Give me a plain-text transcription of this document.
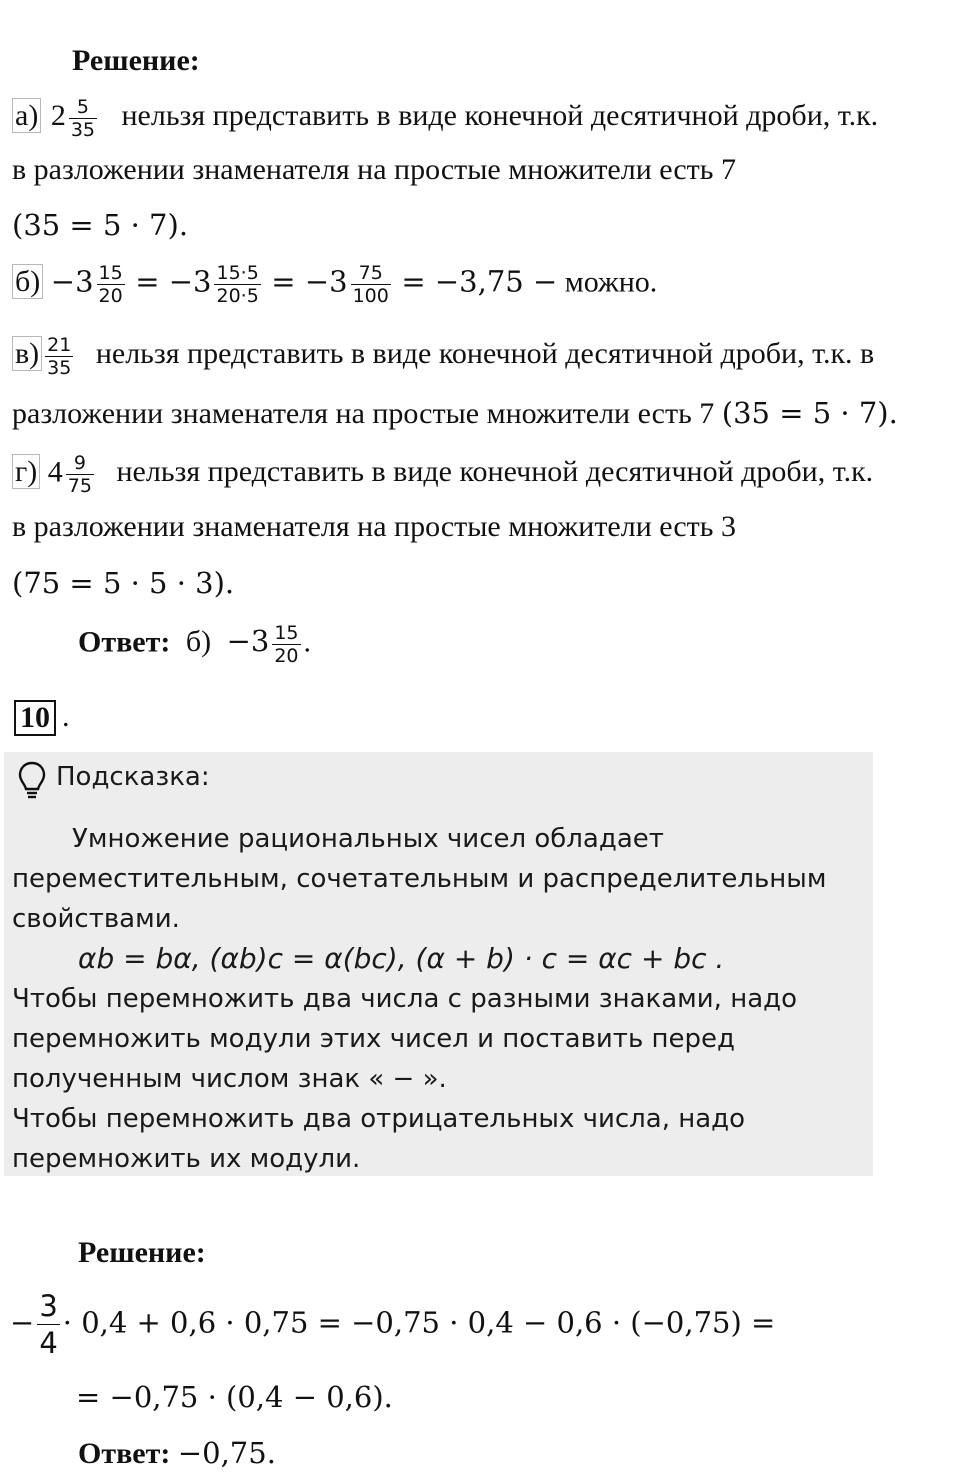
Решение:
а) $2 \frac{5}{35}$ нельзя представить в виде конечной десятичной дроби, т.к.
в разложении знаменателя на простые множители есть 7
(35 = 5 · 7).
$б) -3 \frac{15}{20} = -3 \frac{15\cdot 5}{20\cdot 5} = -3 \frac{75}{100} = -3,75$ − можно.
$в) \frac{21}{35}$ нельзя представить в виде конечной десятичной дроби, т.к. в
разложении знаменателя на простые множители есть 7 (35 = 5 · 7).
г) $4 \frac{9}{75}$ нельзя представить в виде конечной десятичной дроби, т.к.
в разложении знаменателя на простые множители есть 3
(75 = 5 · 5 · 3).
Ответ: $б) -3 \frac{15}{20}$ .
10 .
Подсказка:
Умножение рациональных чисел обладает
переместительным, сочетательным и распределительным
свойствами.
αb = bα, (αb)c = α(bc), (α + b) · c = αc + bc .
Чтобы перемножить два числа с разными знаками, надо
перемножить модули этих чисел и поставить перед
полученным числом знак « − ».
Чтобы перемножить два отрицательных числа, надо
перемножить их модули.
Решение:
− $\frac{3}{4} \cdot 0,4 + 0,6 \cdot 0,75 = -0,75 \cdot 0,4 - 0,6 \cdot (-0,75)$ =
= −0,75 · (0,4 − 0,6).
Ответ: −0,75.
